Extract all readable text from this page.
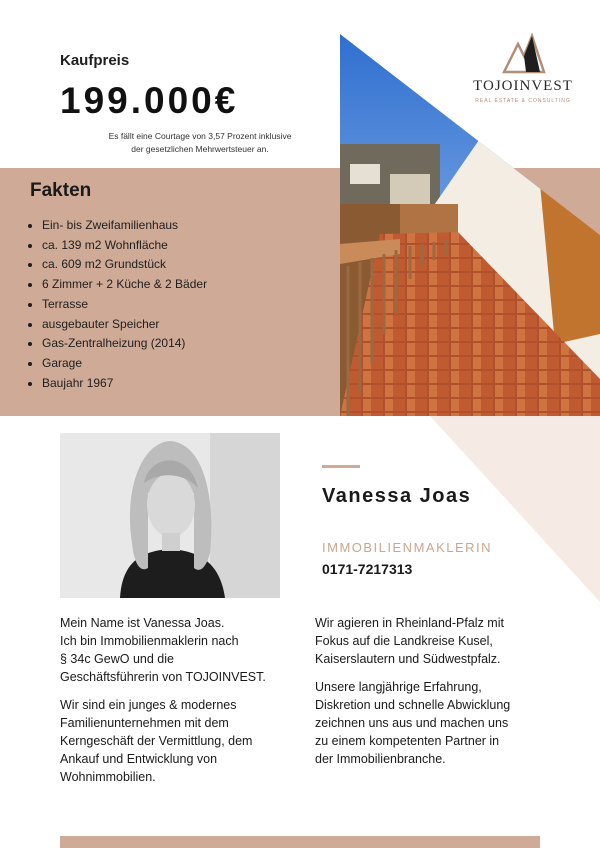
Kaufpreis
199.000€
Es fällt eine Courtage von 3,57 Prozent inklusive
der gesetzlichen Mehrwertsteuer an.
Fakten
Ein- bis Zweifamilienhaus
ca. 139 m2 Wohnfläche
ca. 609 m2 Grundstück
6 Zimmer + 2 Küche & 2 Bäder
Terrasse
ausgebauter Speicher
Gas-Zentralheizung (2014)
Garage
Baujahr 1967
TOJOINVEST
REAL ESTATE & CONSULTING
Vanessa Joas
IMMOBILIENMAKLERIN
0171-7217313

Mein Name ist Vanessa Joas.
Ich bin Immobilienmaklerin nach
§ 34c GewO und die
Geschäftsführerin von TOJOINVEST.

Wir sind ein junges & modernes
Familienunternehmen mit dem
Kerngeschäft der Vermittlung, dem
Ankauf und Entwicklung von
Wohnimmobilien.

Wir agieren in Rheinland-Pfalz mit
Fokus auf die Landkreise Kusel,
Kaiserslautern und Südwestpfalz.

Unsere langjährige Erfahrung,
Diskretion und schnelle Abwicklung
zeichnen uns aus und machen uns
zu einem kompetenten Partner in
der Immobilienbranche.
